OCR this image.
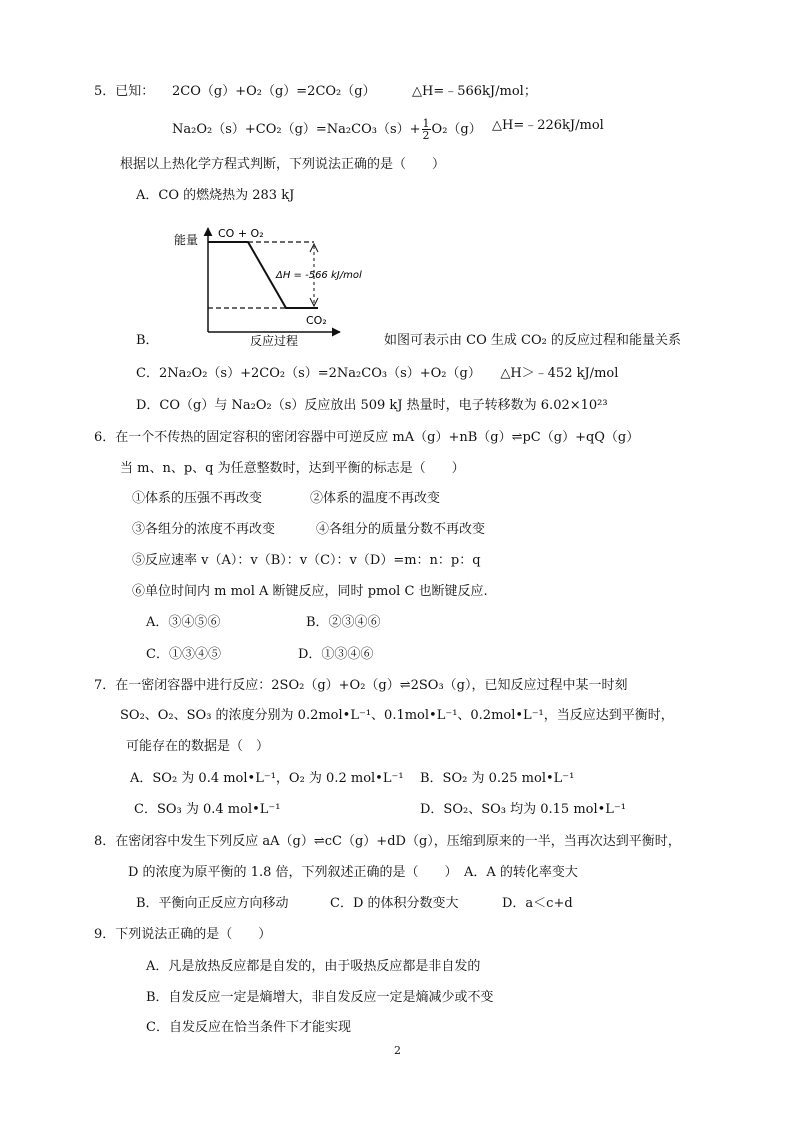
5．已知： 2CO（g）+O₂（g）=2CO₂（g）	△H=﹣566kJ/mol；
$Na_2O_2(s)+CO_2(g)=Na_2CO_3(s)+ \frac{1}{2} O_2(g)$ △H=﹣226kJ/mol
根据以上热化学方程式判断，下列说法正确的是（　　）
A．CO 的燃烧热为 283 kJ
能量 CO + O₂
ΔH = -566 kJ/mol
CO₂
反应过程
B．	如图可表示由 CO 生成 CO₂ 的反应过程和能量关系
C．2Na₂O₂（s）+2CO₂（s）=2Na₂CO₃（s）+O₂（g）　　△H＞﹣452 kJ/mol
D．CO（g）与 Na₂O₂（s）反应放出 509 kJ 热量时，电子转移数为 6.02×10²³
6．在一个不传热的固定容积的密闭容器中可逆反应 mA（g）+nB（g）⇌pC（g）+qQ（g）
当 m、n、p、q 为任意整数时，达到平衡的标志是（　　）
①体系的压强不再改变	②体系的温度不再改变
③各组分的浓度不再改变	④各组分的质量分数不再改变
⑤反应速率 v（A）：v（B）：v（C）：v（D）=m：n：p：q
⑥单位时间内 m mol A 断键反应，同时 pmol C 也断键反应.
A．③④⑤⑥	B．②③④⑥
C．①③④⑤	D．①③④⑥
7．在一密闭容器中进行反应：2SO₂（g）+O₂（g）⇌2SO₃（g），已知反应过程中某一时刻
SO₂、O₂、SO₃ 的浓度分别为 0.2mol•L⁻¹、0.1mol•L⁻¹、0.2mol•L⁻¹，当反应达到平衡时，
可能存在的数据是（　）
A．SO₂ 为 0.4 mol•L⁻¹，O₂ 为 0.2 mol•L⁻¹ B．SO₂ 为 0.25 mol•L⁻¹
C．SO₃ 为 0.4 mol•L⁻¹	D．SO₂、SO₃ 均为 0.15 mol•L⁻¹
8．在密闭容中发生下列反应 aA（g）⇌cC（g）+dD（g），压缩到原来的一半，当再次达到平衡时，
D 的浓度为原平衡的 1.8 倍，下列叙述正确的是（　　）　A．A 的转化率变大
B．平衡向正反应方向移动	C．D 的体积分数变大	D．a＜c+d
9．下列说法正确的是（　　）
A．凡是放热反应都是自发的，由于吸热反应都是非自发的
B．自发反应一定是熵增大，非自发反应一定是熵减少或不变
C．自发反应在恰当条件下才能实现
2
